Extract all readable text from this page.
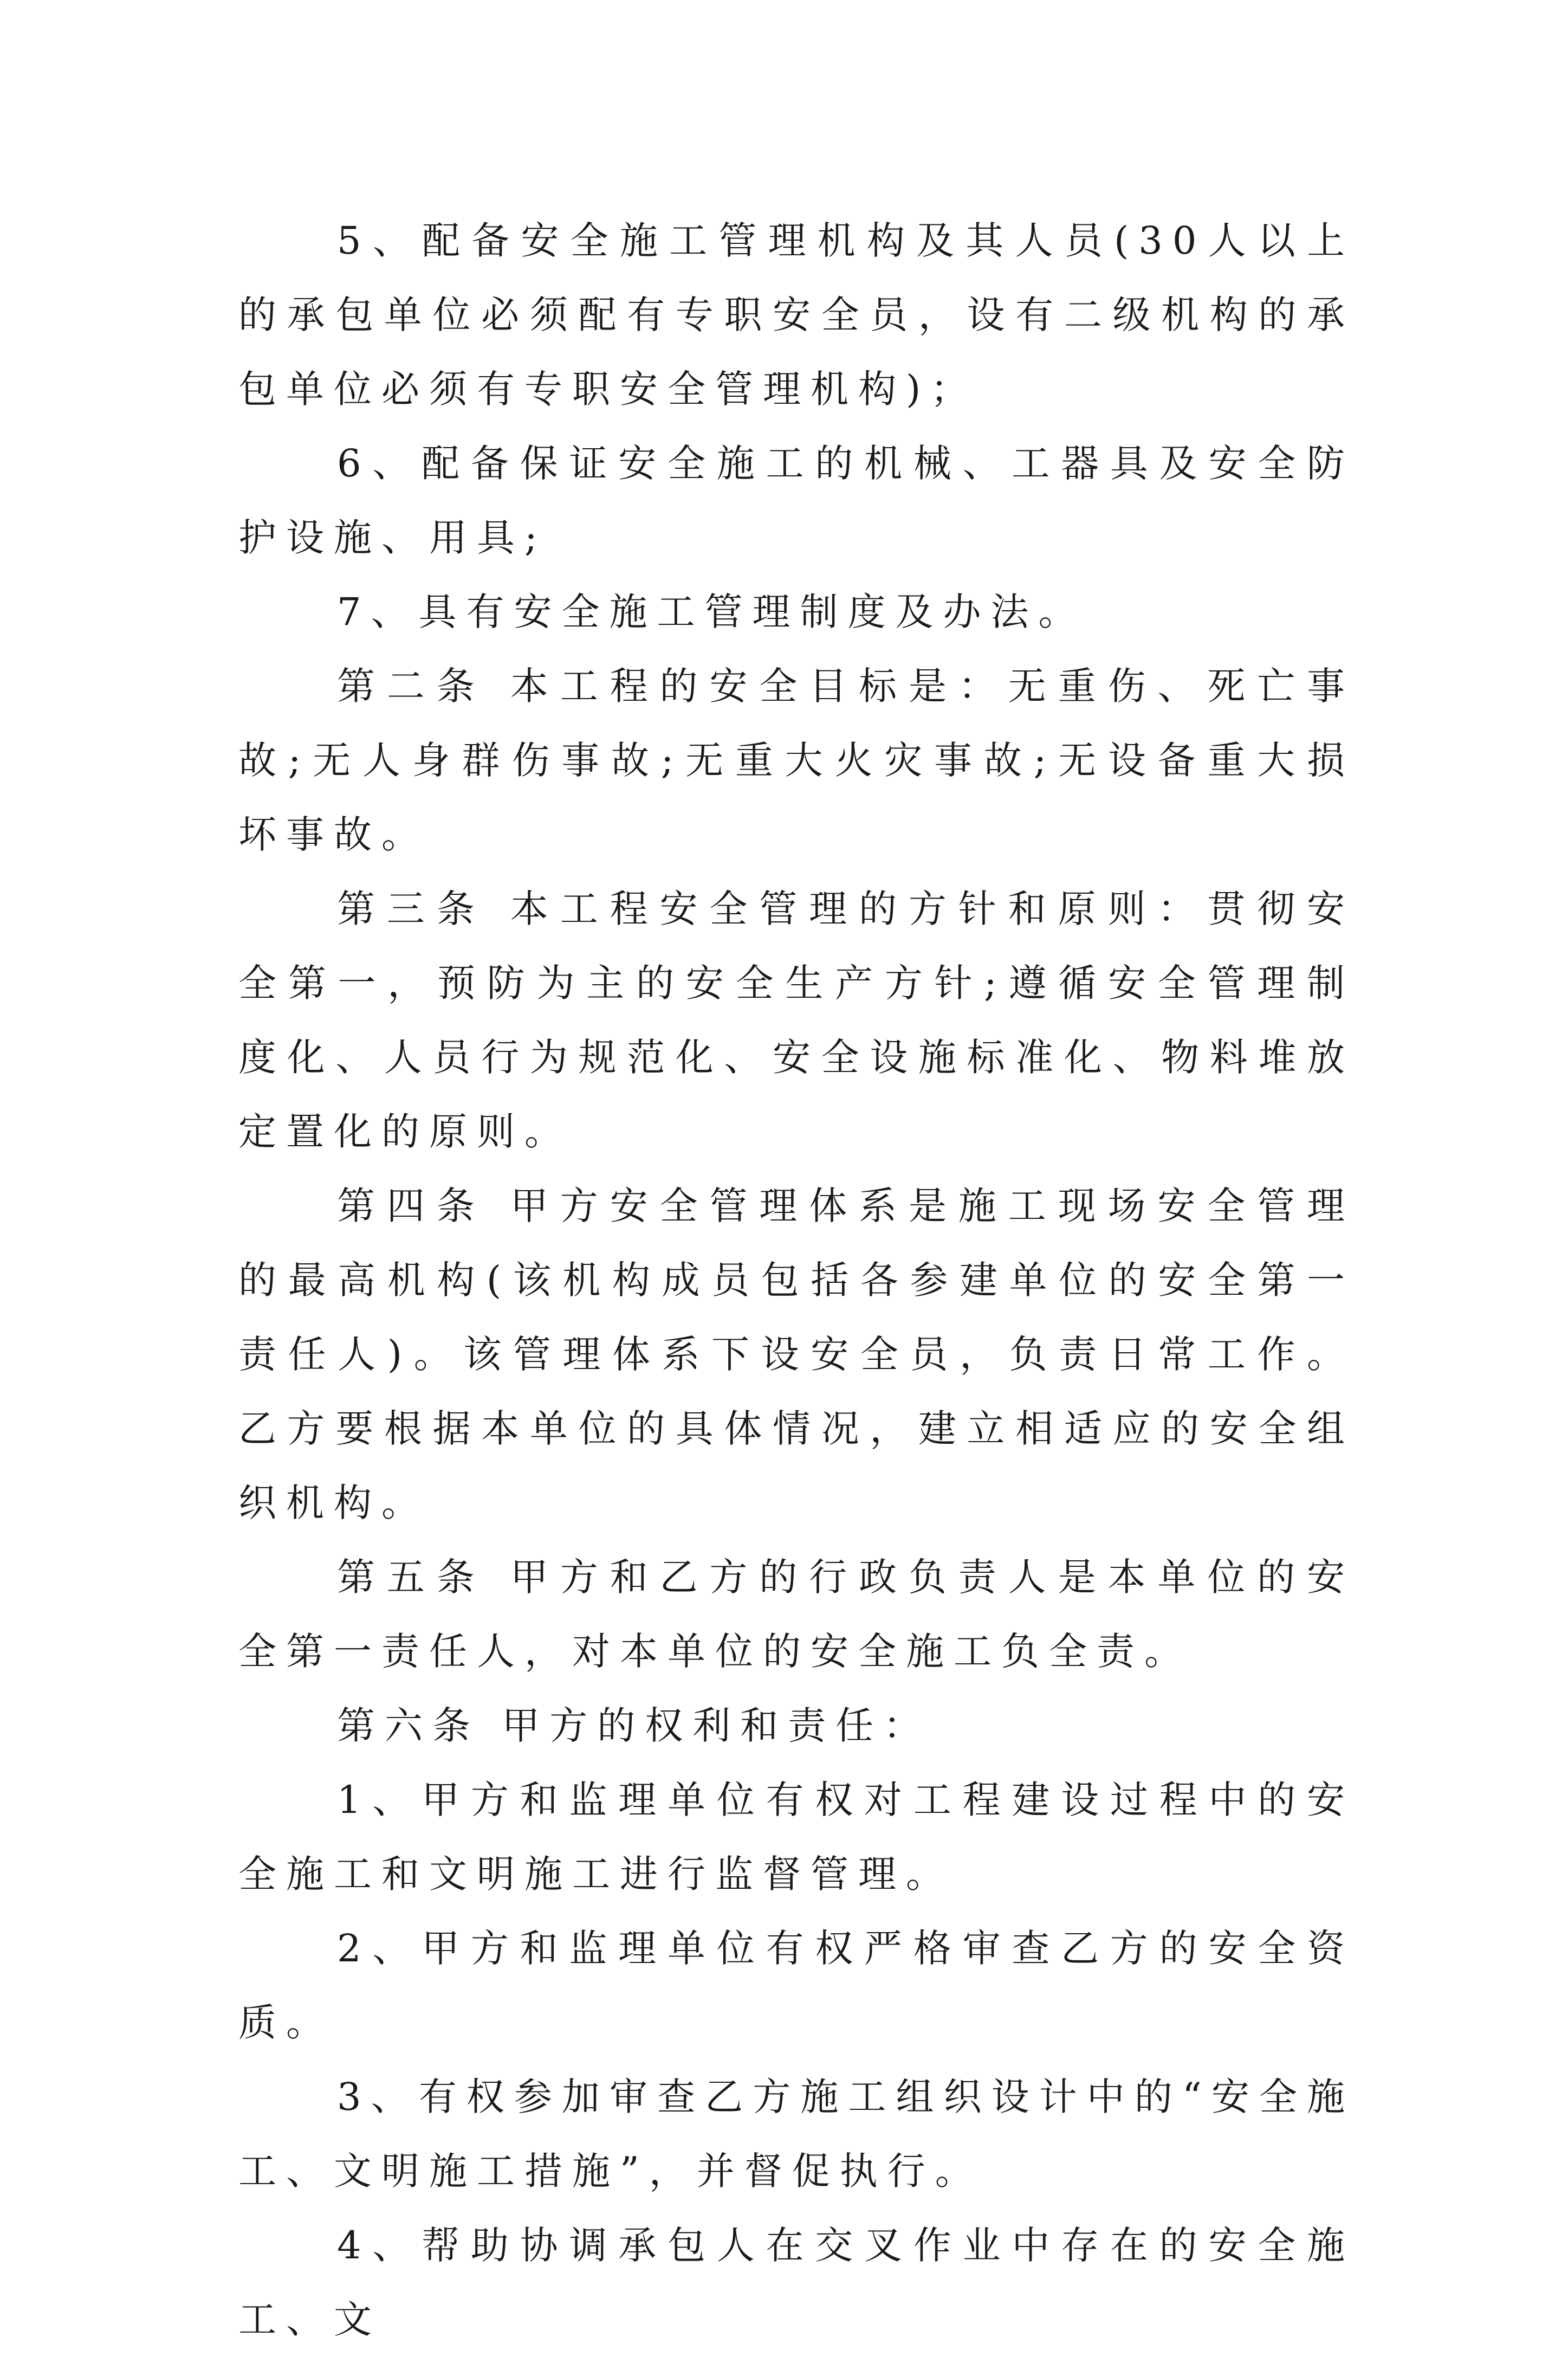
5、配备安全施工管理机构及其人员(30人以上的承包单位必须配有专职安全员，设有二级机构的承包单位必须有专职安全管理机构)；

6、配备保证安全施工的机械、工器具及安全防护设施、用具;

7、具有安全施工管理制度及办法。

第二条 本工程的安全目标是：无重伤、死亡事故;无人身群伤事故;无重大火灾事故;无设备重大损坏事故。

第三条 本工程安全管理的方针和原则：贯彻安全第一，预防为主的安全生产方针;遵循安全管理制度化、人员行为规范化、安全设施标准化、物料堆放定置化的原则。

第四条 甲方安全管理体系是施工现场安全管理的最高机构(该机构成员包括各参建单位的安全第一责任人)。该管理体系下设安全员，负责日常工作。乙方要根据本单位的具体情况，建立相适应的安全组织机构。

第五条 甲方和乙方的行政负责人是本单位的安全第一责任人，对本单位的安全施工负全责。

第六条 甲方的权利和责任：

1、甲方和监理单位有权对工程建设过程中的安全施工和文明施工进行监督管理。

2、甲方和监理单位有权严格审查乙方的安全资质。

3、有权参加审查乙方施工组织设计中的“安全施工、文明施工措施”，并督促执行。

4、帮助协调承包人在交叉作业中存在的安全施工、文
